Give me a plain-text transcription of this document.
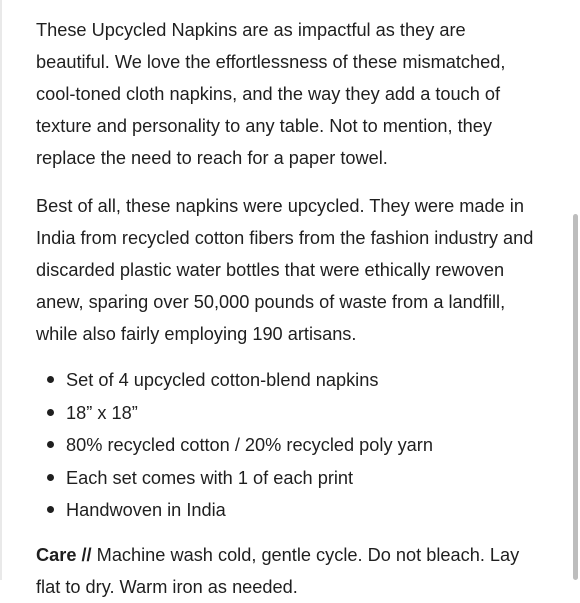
These Upcycled Napkins are as impactful as they are beautiful. We love the effortlessness of these mismatched, cool-toned cloth napkins, and the way they add a touch of texture and personality to any table. Not to mention, they replace the need to reach for a paper towel.

Best of all, these napkins were upcycled. They were made in India from recycled cotton fibers from the fashion industry and discarded plastic water bottles that were ethically rewoven anew, sparing over 50,000 pounds of waste from a landfill, while also fairly employing 190 artisans.

Set of 4 upcycled cotton-blend napkins
18” x 18”
80% recycled cotton / 20% recycled poly yarn
Each set comes with 1 of each print
Handwoven in India

Care // Machine wash cold, gentle cycle. Do not bleach. Lay flat to dry. Warm iron as needed.
